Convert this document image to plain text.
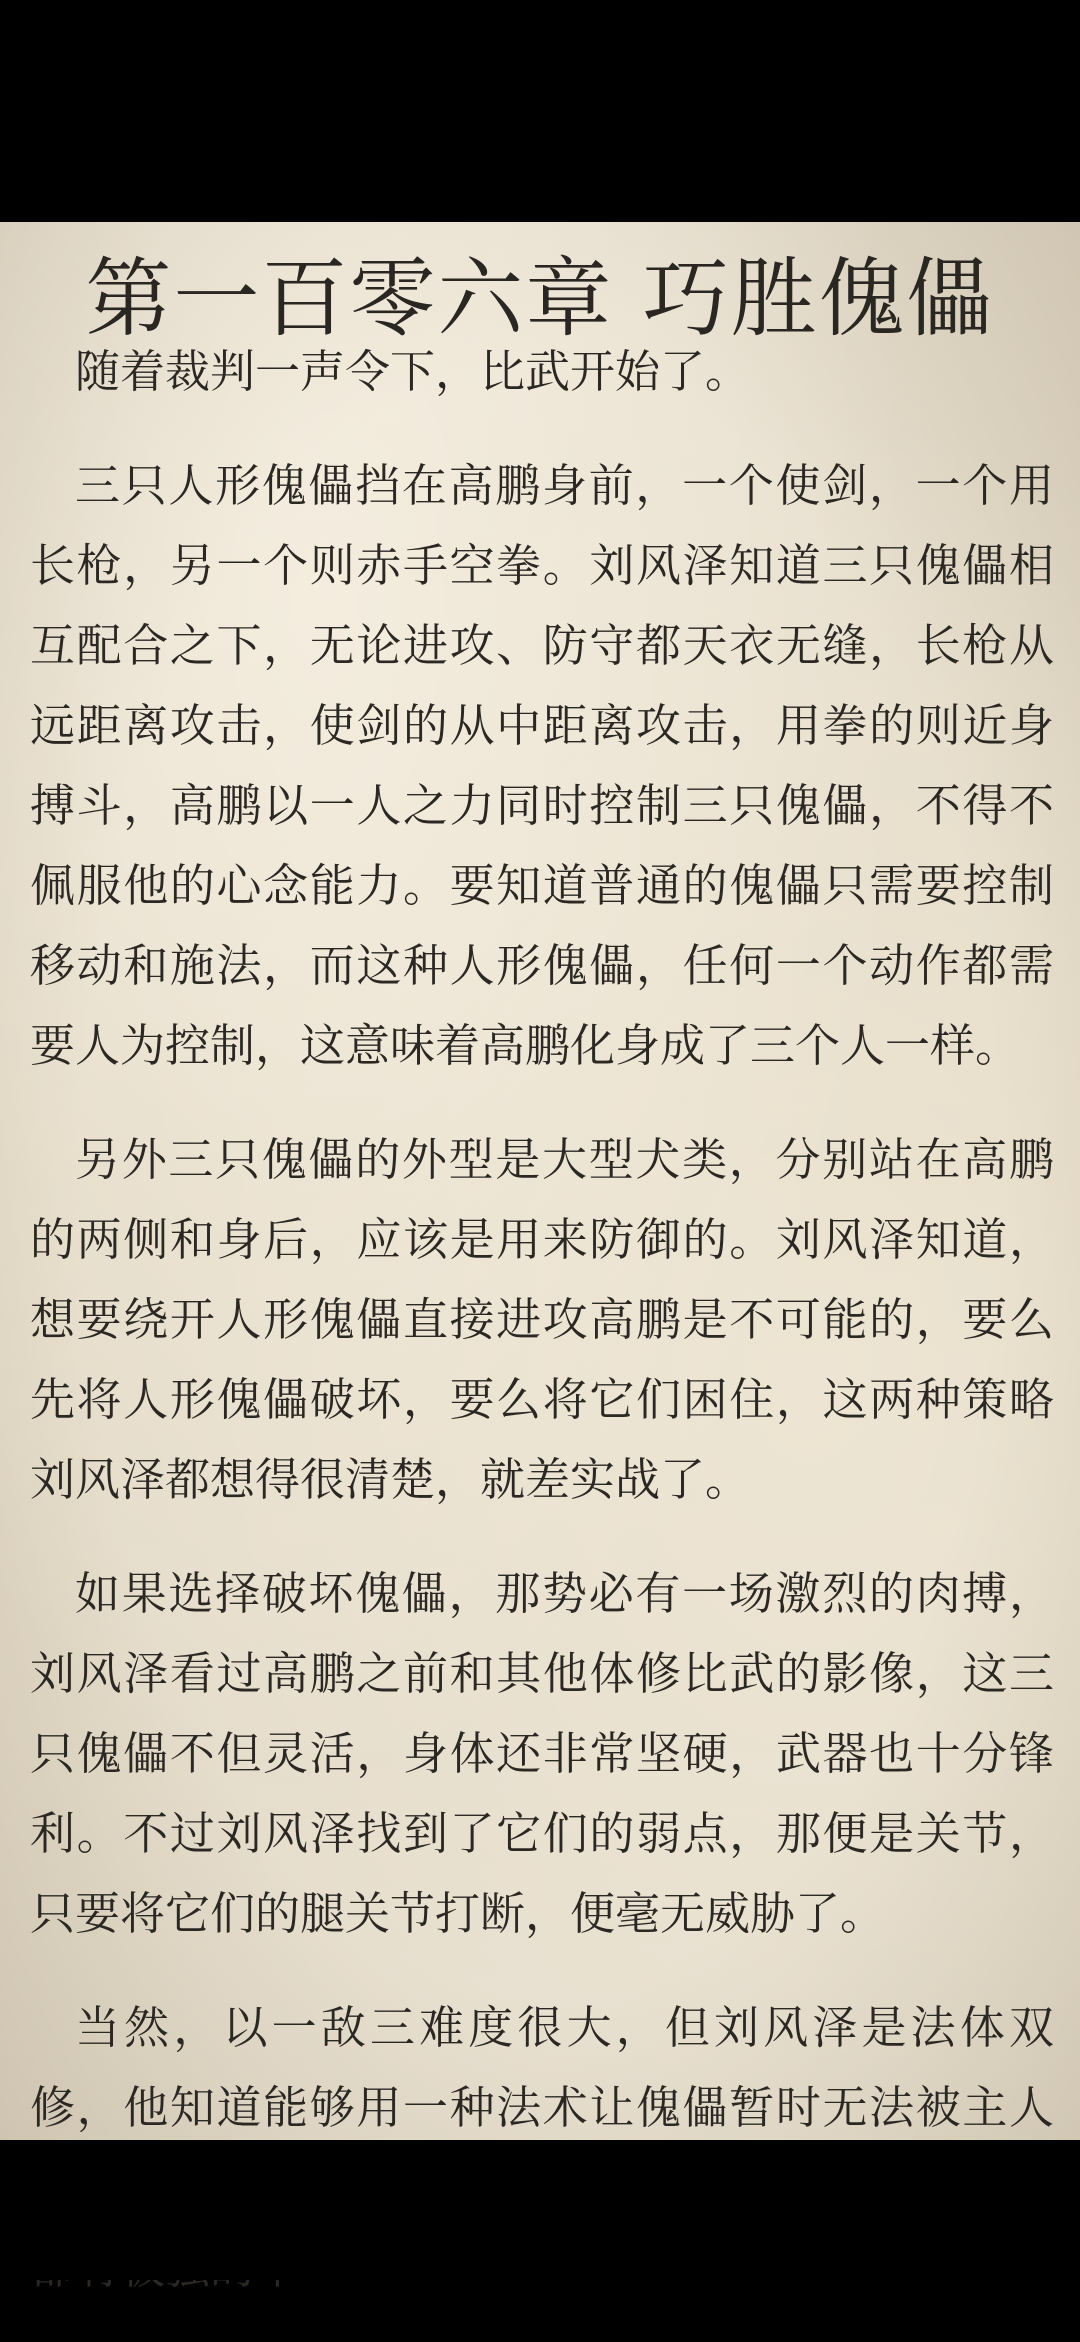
第一百零六章 巧胜傀儡

随着裁判一声令下，比武开始了。

三只人形傀儡挡在高鹏身前，一个使剑，一个用长枪，另一个则赤手空拳。刘风泽知道三只傀儡相互配合之下，无论进攻、防守都天衣无缝，长枪从远距离攻击，使剑的从中距离攻击，用拳的则近身搏斗，高鹏以一人之力同时控制三只傀儡，不得不佩服他的心念能力。要知道普通的傀儡只需要控制移动和施法，而这种人形傀儡，任何一个动作都需要人为控制，这意味着高鹏化身成了三个人一样。

另外三只傀儡的外型是大型犬类，分别站在高鹏的两侧和身后，应该是用来防御的。刘风泽知道，想要绕开人形傀儡直接进攻高鹏是不可能的，要么先将人形傀儡破坏，要么将它们困住，这两种策略刘风泽都想得很清楚，就差实战了。

如果选择破坏傀儡，那势必有一场激烈的肉搏，刘风泽看过高鹏之前和其他体修比武的影像，这三只傀儡不但灵活，身体还非常坚硬，武器也十分锋利。不过刘风泽找到了它们的弱点，那便是关节，只要将它们的腿关节打断，便毫无威胁了。

当然，以一敌三难度很大，但刘风泽是法体双修，他知道能够用一种法术让傀儡暂时无法被主人
